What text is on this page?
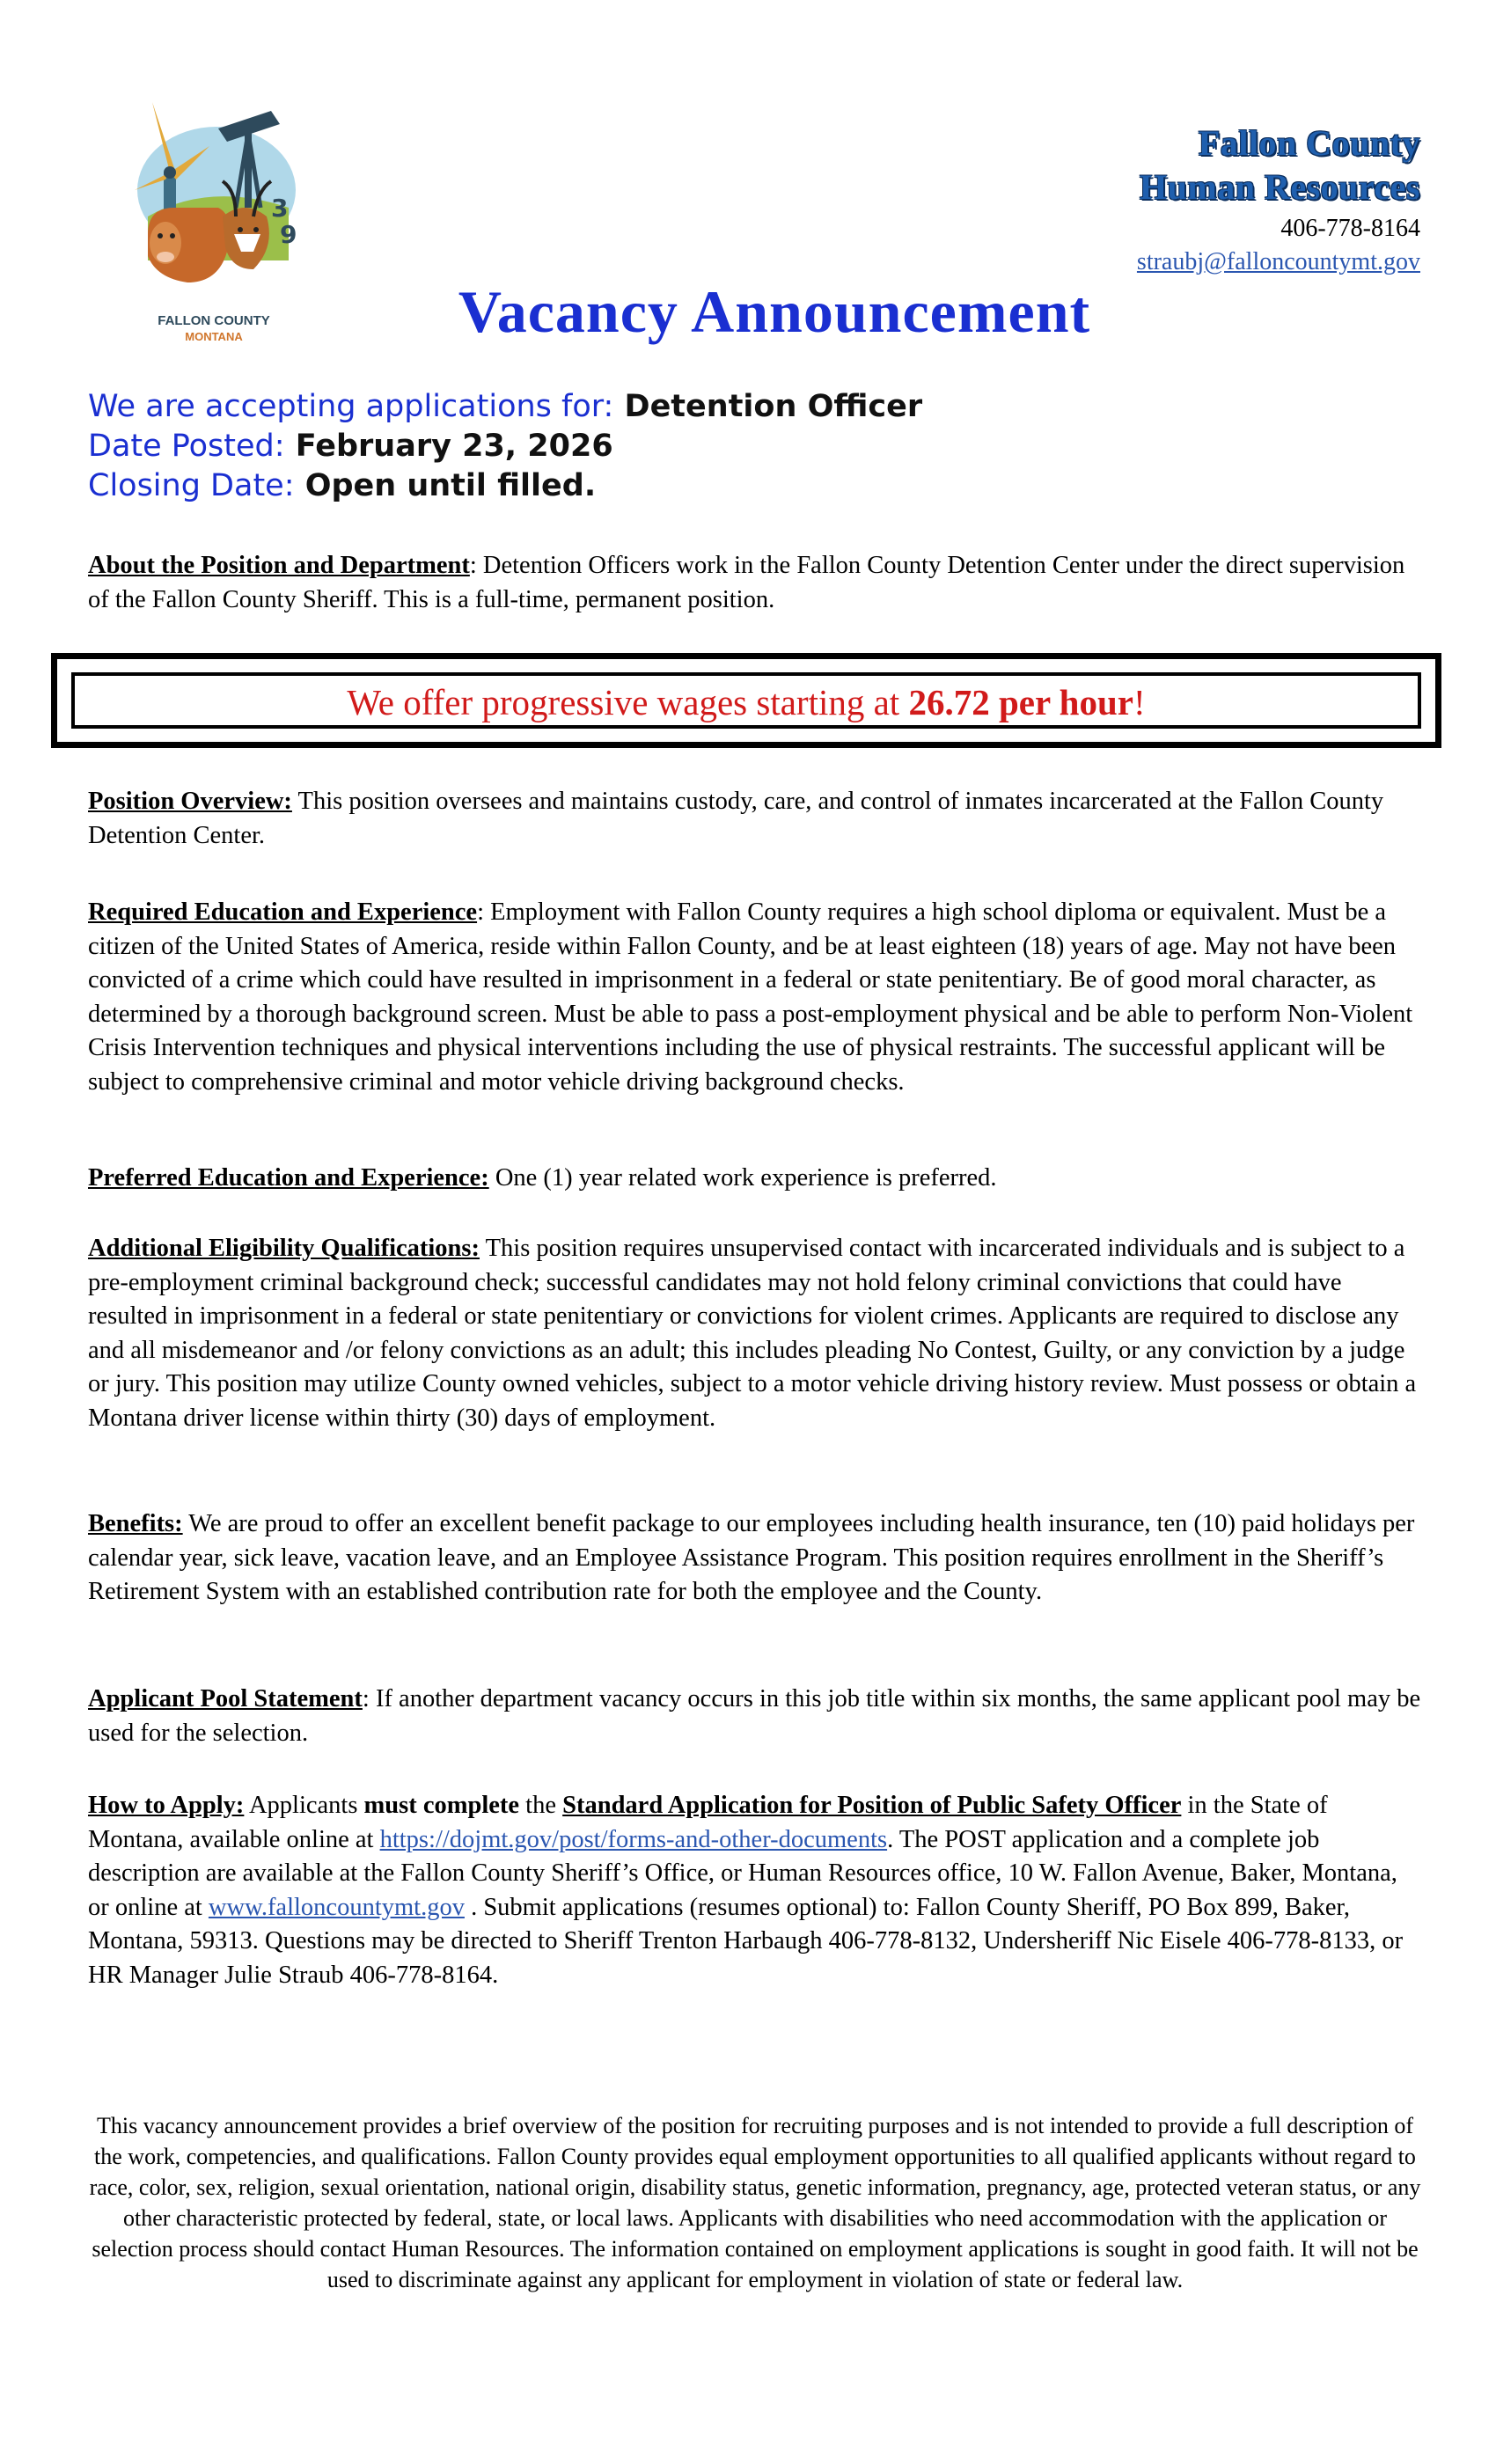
3
9
FALLON COUNTY
MONTANA
Fallon County
Human Resources
406-778-8164
straubj@falloncountymt.gov
Vacancy Announcement
We are accepting applications for: Detention Officer
Date Posted: February 23, 2026
Closing Date: Open until filled.
About the Position and Department: Detention Officers work in the Fallon County Detention Center under the direct supervision of the Fallon County Sheriff. This is a full-time, permanent position.
We offer progressive wages starting at 26.72 per hour!
Position Overview: This position oversees and maintains custody, care, and control of inmates incarcerated at the Fallon County Detention Center.
Required Education and Experience: Employment with Fallon County requires a high school diploma or equivalent. Must be a citizen of the United States of America, reside within Fallon County, and be at least eighteen (18) years of age. May not have been convicted of a crime which could have resulted in imprisonment in a federal or state penitentiary. Be of good moral character, as determined by a thorough background screen. Must be able to pass a post-employment physical and be able to perform Non-Violent Crisis Intervention techniques and physical interventions including the use of physical restraints. The successful applicant will be subject to comprehensive criminal and motor vehicle driving background checks.
Preferred Education and Experience: One (1) year related work experience is preferred.
Additional Eligibility Qualifications: This position requires unsupervised contact with incarcerated individuals and is subject to a pre-employment criminal background check; successful candidates may not hold felony criminal convictions that could have resulted in imprisonment in a federal or state penitentiary or convictions for violent crimes. Applicants are required to disclose any and all misdemeanor and /or felony convictions as an adult; this includes pleading No Contest, Guilty, or any conviction by a judge or jury. This position may utilize County owned vehicles, subject to a motor vehicle driving history review. Must possess or obtain a Montana driver license within thirty (30) days of employment.
Benefits: We are proud to offer an excellent benefit package to our employees including health insurance, ten (10) paid holidays per calendar year, sick leave, vacation leave, and an Employee Assistance Program. This position requires enrollment in the Sheriff’s Retirement System with an established contribution rate for both the employee and the County.
Applicant Pool Statement: If another department vacancy occurs in this job title within six months, the same applicant pool may be used for the selection.
How to Apply: Applicants must complete the Standard Application for Position of Public Safety Officer in the State of Montana, available online at https://dojmt.gov/post/forms-and-other-documents. The POST application and a complete job description are available at the Fallon County Sheriff’s Office, or Human Resources office, 10 W. Fallon Avenue, Baker, Montana, or online at www.falloncountymt.gov . Submit applications (resumes optional) to: Fallon County Sheriff, PO Box 899, Baker, Montana, 59313. Questions may be directed to Sheriff Trenton Harbaugh 406-778-8132, Undersheriff Nic Eisele 406-778-8133, or HR Manager Julie Straub 406-778-8164.
This vacancy announcement provides a brief overview of the position for recruiting purposes and is not intended to provide a full description of the work, competencies, and qualifications. Fallon County provides equal employment opportunities to all qualified applicants without regard to race, color, sex, religion, sexual orientation, national origin, disability status, genetic information, pregnancy, age, protected veteran status, or any other characteristic protected by federal, state, or local laws. Applicants with disabilities who need accommodation with the application or selection process should contact Human Resources. The information contained on employment applications is sought in good faith. It will not be used to discriminate against any applicant for employment in violation of state or federal law.
